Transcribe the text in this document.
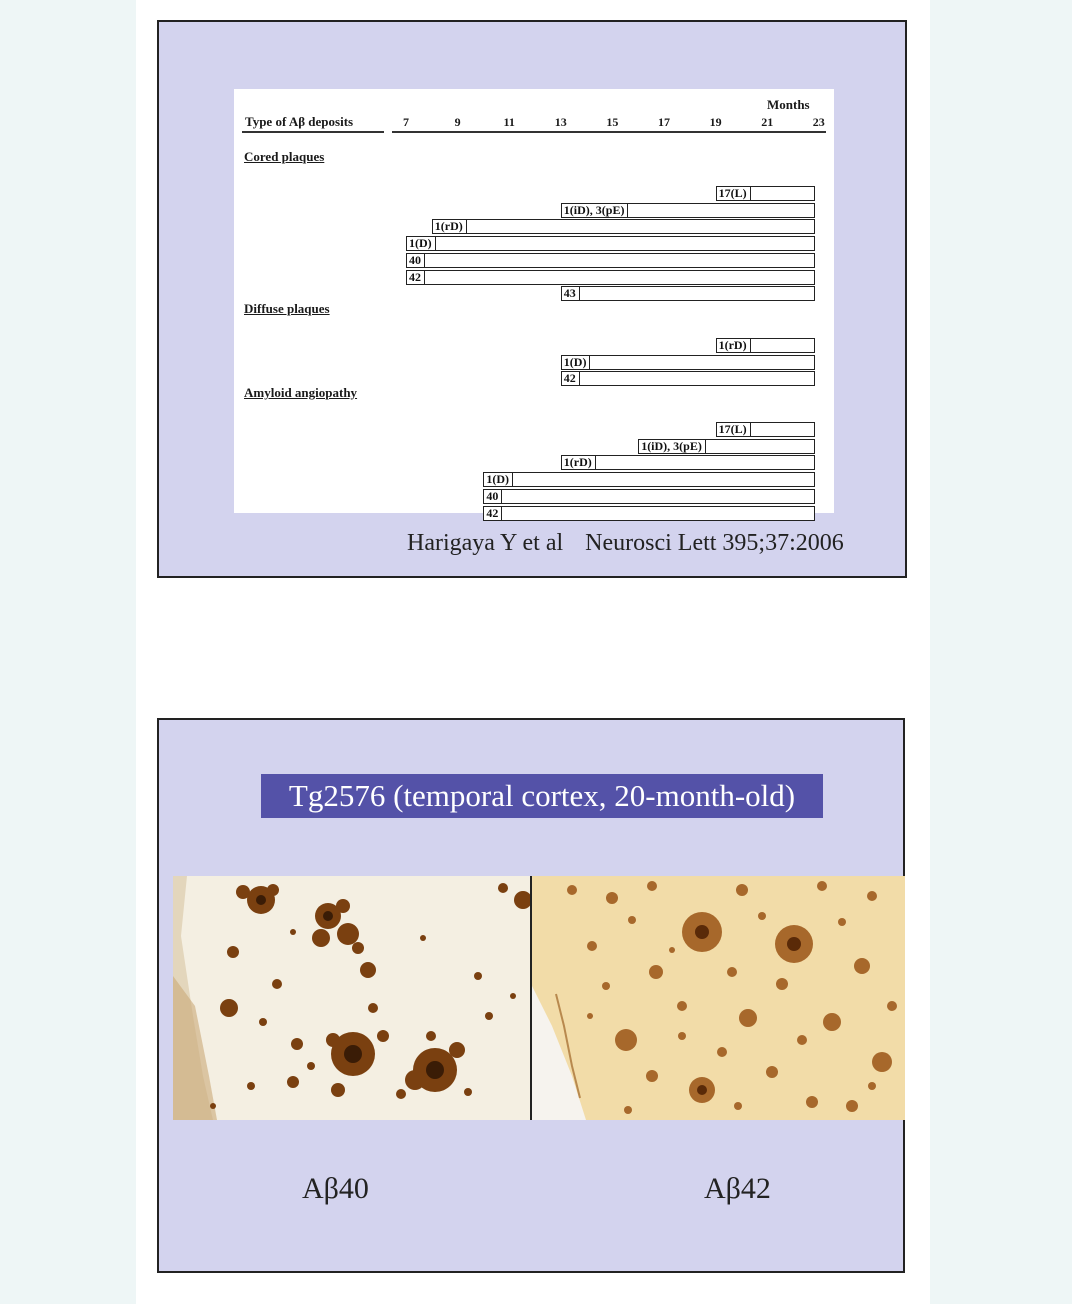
Months
Type of Aβ deposits	7	9	11	13	15	17	19	21	23
Cored plaques
17(L)
1(iD), 3(pE)
1(rD)
1(D)
40
42
43
Diffuse plaques
1(rD)
1(D)
42
Amyloid angiopathy
17(L)
1(iD), 3(pE)
1(rD)
1(D)
40
42
Harigaya Y et al Neurosci Lett 395;37:2006
Tg2576 (temporal cortex, 20-month-old)
Aβ40	Aβ42
